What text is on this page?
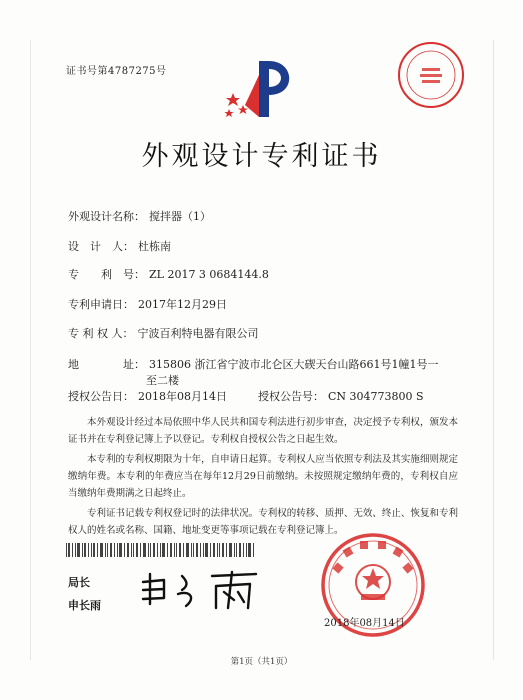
证书号第4787275号
外观设计专利证书
外观设计名称： 搅拌器（1）
设　计　人： 杜栋南
专　　利　号： ZL 2017 3 0684144.8
专利申请日： 2017年12月29日
专 利 权 人： 宁波百利特电器有限公司
地　　　　址： 315806 浙江省宁波市北仑区大碶天台山路661号1幢1号一
至二楼
授权公告日： 2018年08月14日	授权公告号： CN 304773800 S
本外观设计经过本局依照中华人民共和国专利法进行初步审查，决定授予专利权，颁发本证书并在专利登记簿上予以登记。专利权自授权公告之日起生效。
本专利的专利权期限为十年，自申请日起算。专利权人应当依照专利法及其实施细则规定缴纳年费。本专利的年费应当在每年12月29日前缴纳。未按照规定缴纳年费的，专利权自应当缴纳年费期满之日起终止。
专利证书记载专利权登记时的法律状况。专利权的转移、质押、无效、终止、恢复和专利权人的姓名或名称、国籍、地址变更等事项记载在专利登记簿上。
局长
申长雨
2018年08月14日
第1页（共1页）
